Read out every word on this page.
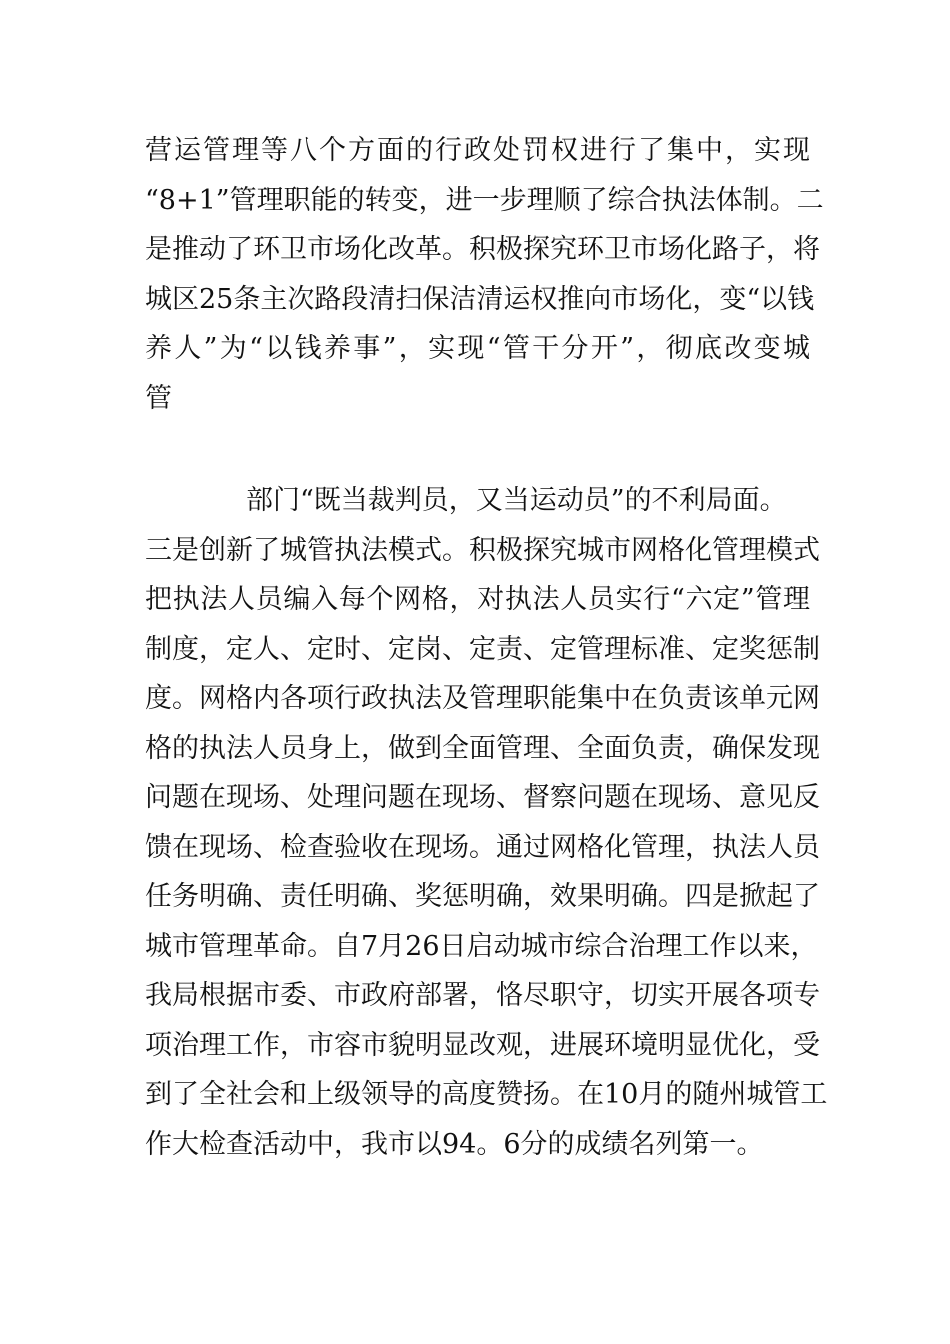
营运管理等八个方面的行政处罚权进行了集中，实现
“8+1”管理职能的转变，进一步理顺了综合执法体制。二
是推动了环卫市场化改革。积极探究环卫市场化路子，将
城区25条主次路段清扫保洁清运权推向市场化，变“以钱
养人”为“以钱养事”，实现“管干分开”，彻底改变城
管
部门“既当裁判员，又当运动员”的不利局面。
三是创新了城管执法模式。积极探究城市网格化管理模式
把执法人员编入每个网格，对执法人员实行“六定”管理
制度，定人、定时、定岗、定责、定管理标准、定奖惩制
度。网格内各项行政执法及管理职能集中在负责该单元网
格的执法人员身上，做到全面管理、全面负责，确保发现
问题在现场、处理问题在现场、督察问题在现场、意见反
馈在现场、检查验收在现场。通过网格化管理，执法人员
任务明确、责任明确、奖惩明确，效果明确。四是掀起了
城市管理革命。自7月26日启动城市综合治理工作以来，
我局根据市委、市政府部署，恪尽职守，切实开展各项专
项治理工作，市容市貌明显改观，进展环境明显优化，受
到了全社会和上级领导的高度赞扬。在10月的随州城管工
作大检查活动中，我市以94。6分的成绩名列第一。
